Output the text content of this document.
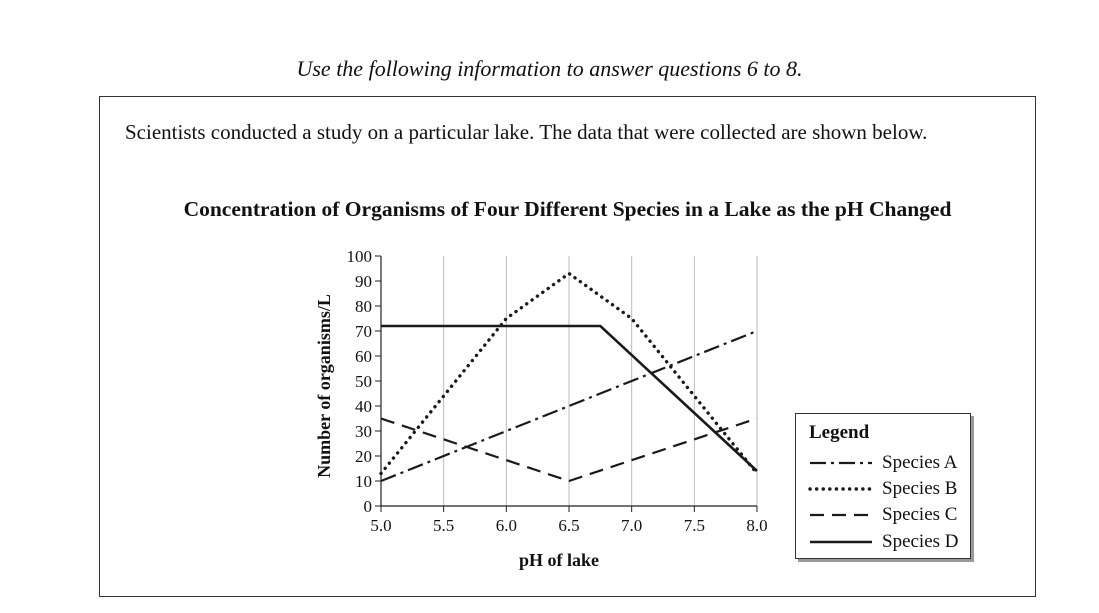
Use the following information to answer questions 6 to 8.
Scientists conducted a study on a particular lake. The data that were collected are shown below.
Concentration of Organisms of Four Different Species in a Lake as the pH Changed
0
10
20
30
40
50
60
70
80
90
100
5.0 5.5 6.0 6.5 7.0 7.5 8.0
pH of lake
Number of organisms/L	Legend
Species A
Species B
Species C
Species D
